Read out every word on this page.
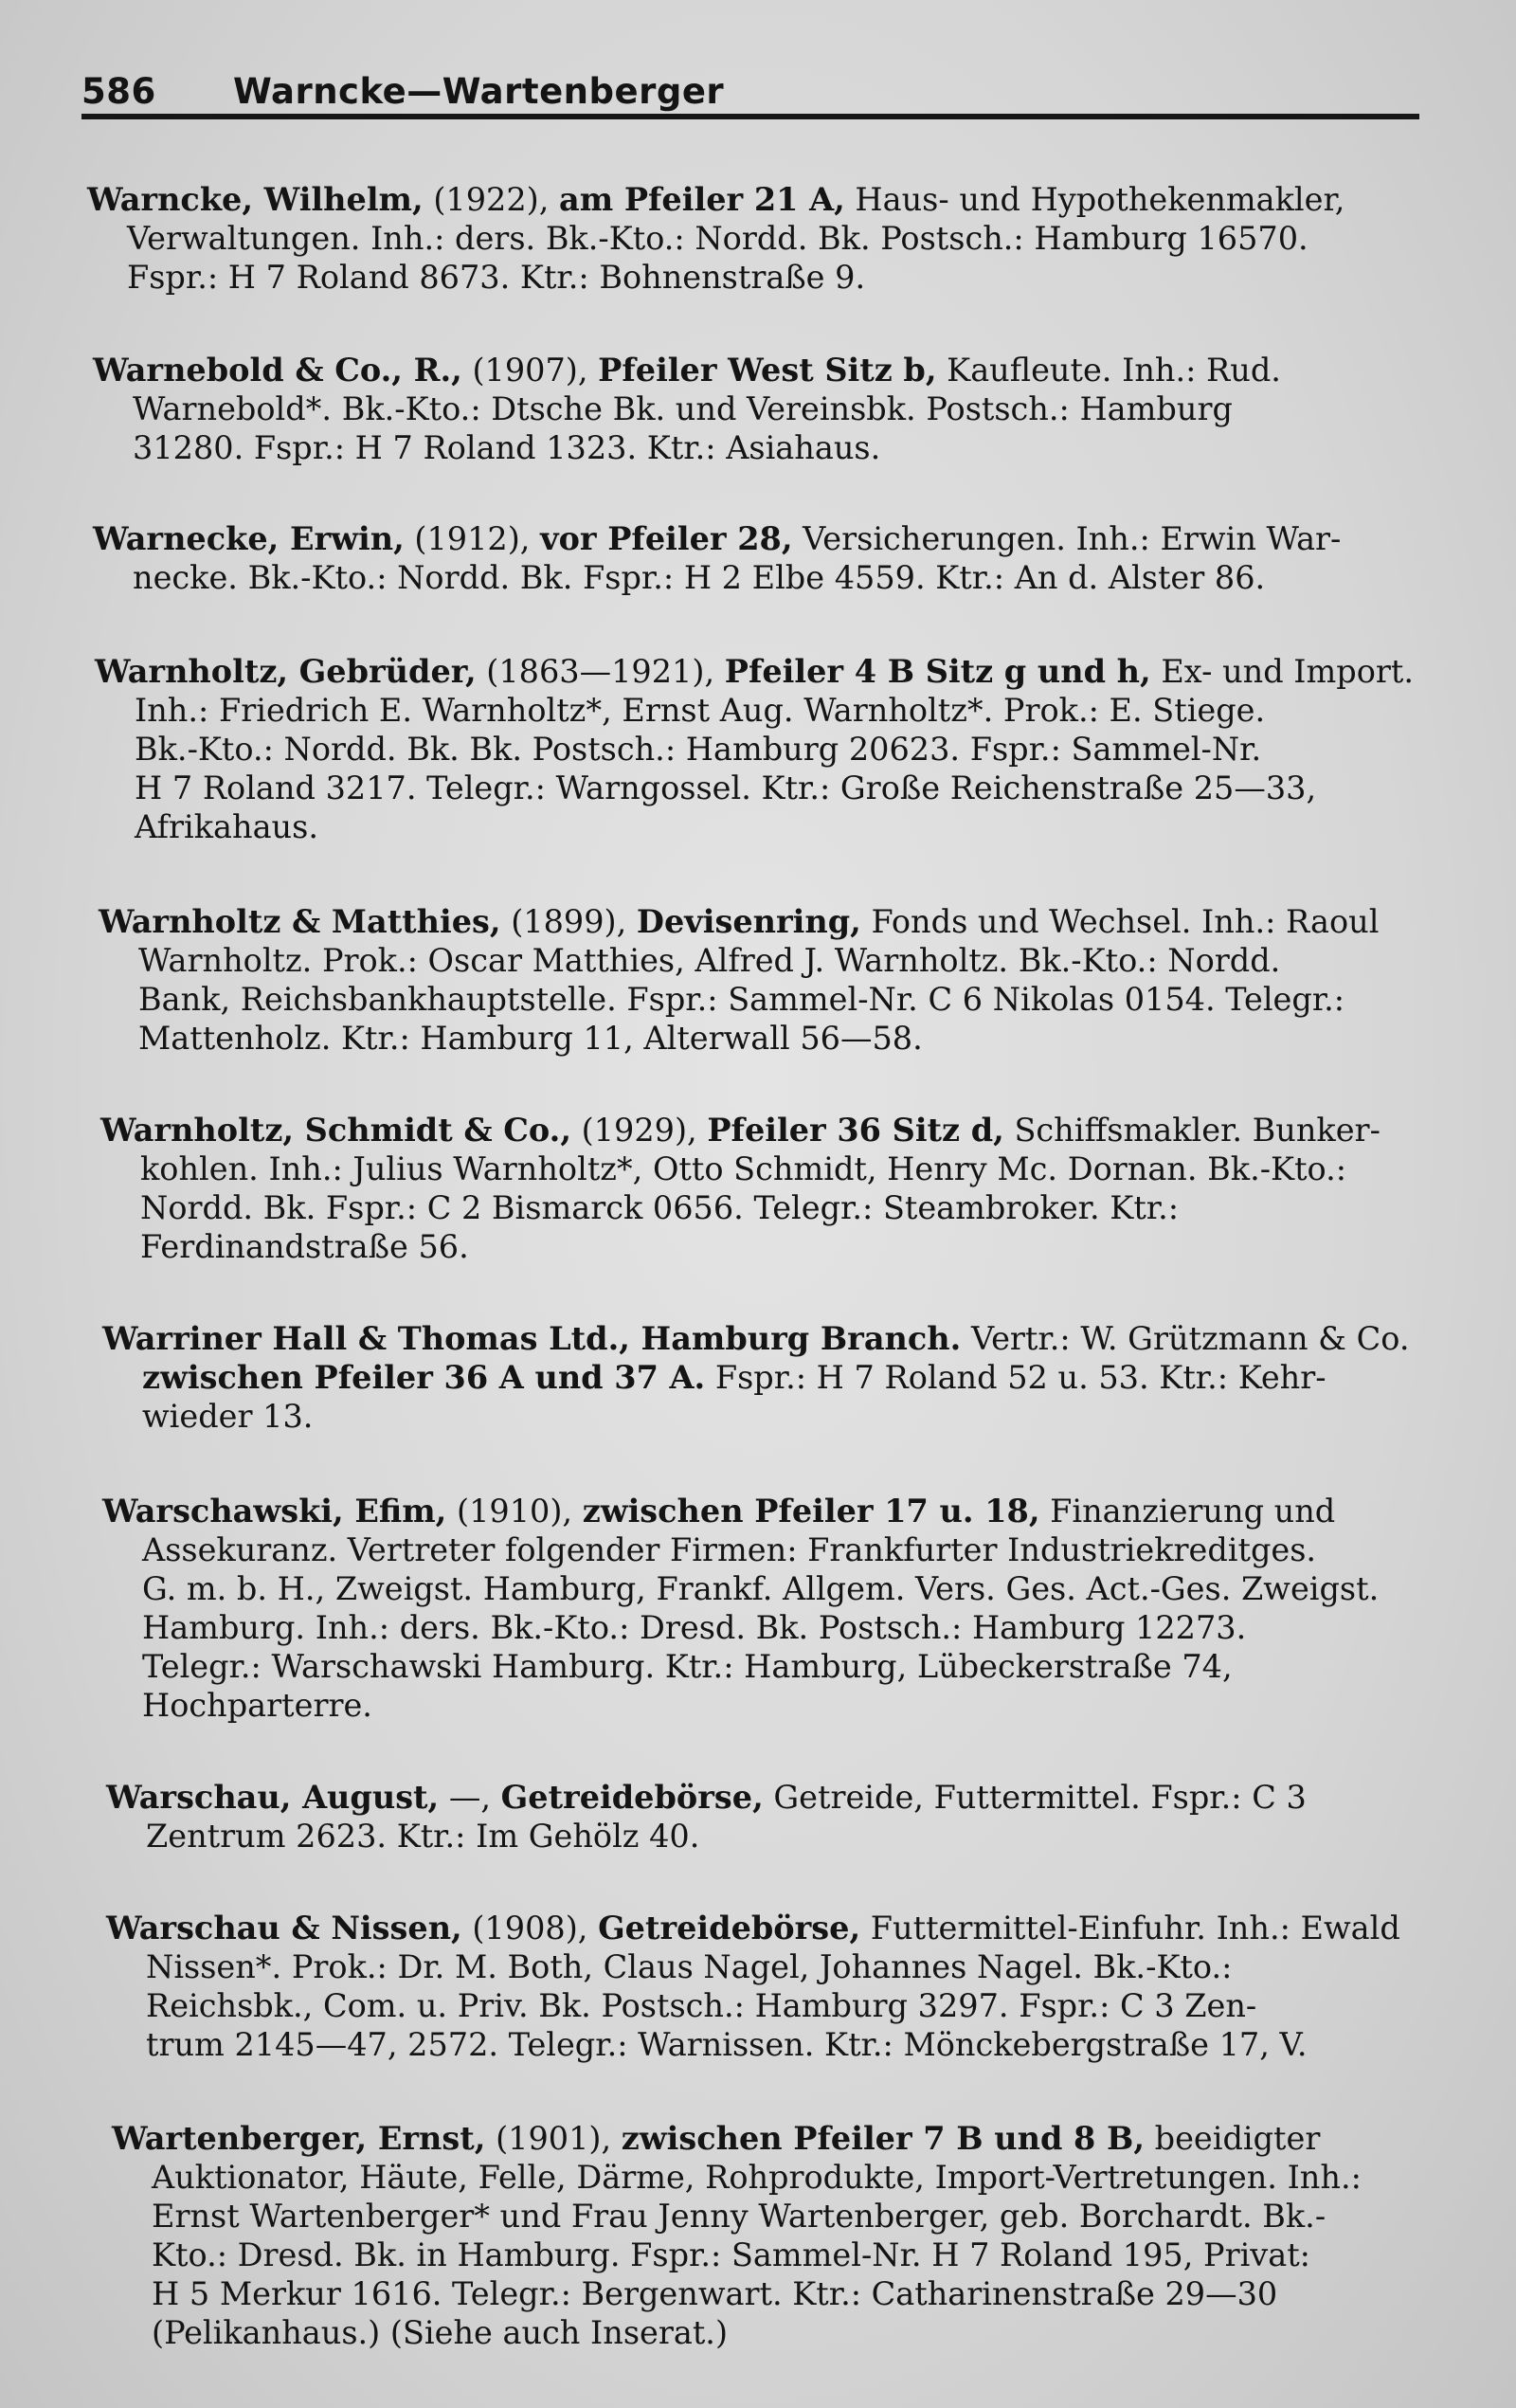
586	Warncke—Wartenberger
Warncke, Wilhelm, (1922), am Pfeiler 21 A, Haus- und Hypothekenmakler,
Verwaltungen. Inh.: ders. Bk.-Kto.: Nordd. Bk. Postsch.: Hamburg 16570.
Fspr.: H 7 Roland 8673. Ktr.: Bohnenstraße 9.
Warnebold & Co., R., (1907), Pfeiler West Sitz b, Kaufleute. Inh.: Rud.
Warnebold*. Bk.-Kto.: Dtsche Bk. und Vereinsbk. Postsch.: Hamburg
31280. Fspr.: H 7 Roland 1323. Ktr.: Asiahaus.
Warnecke, Erwin, (1912), vor Pfeiler 28, Versicherungen. Inh.: Erwin War-
necke. Bk.-Kto.: Nordd. Bk. Fspr.: H 2 Elbe 4559. Ktr.: An d. Alster 86.
Warnholtz, Gebrüder, (1863—1921), Pfeiler 4 B Sitz g und h, Ex- und Import.
Inh.: Friedrich E. Warnholtz*, Ernst Aug. Warnholtz*. Prok.: E. Stiege.
Bk.-Kto.: Nordd. Bk. Bk. Postsch.: Hamburg 20623. Fspr.: Sammel-Nr.
H 7 Roland 3217. Telegr.: Warngossel. Ktr.: Große Reichenstraße 25—33,
Afrikahaus.
Warnholtz & Matthies, (1899), Devisenring, Fonds und Wechsel. Inh.: Raoul
Warnholtz. Prok.: Oscar Matthies, Alfred J. Warnholtz. Bk.-Kto.: Nordd.
Bank, Reichsbankhauptstelle. Fspr.: Sammel-Nr. C 6 Nikolas 0154. Telegr.:
Mattenholz. Ktr.: Hamburg 11, Alterwall 56—58.
Warnholtz, Schmidt & Co., (1929), Pfeiler 36 Sitz d, Schiffsmakler. Bunker-
kohlen. Inh.: Julius Warnholtz*, Otto Schmidt, Henry Mc. Dornan. Bk.-Kto.:
Nordd. Bk. Fspr.: C 2 Bismarck 0656. Telegr.: Steambroker. Ktr.:
Ferdinandstraße 56.
Warriner Hall & Thomas Ltd., Hamburg Branch. Vertr.: W. Grützmann & Co.
zwischen Pfeiler 36 A und 37 A. Fspr.: H 7 Roland 52 u. 53. Ktr.: Kehr-
wieder 13.
Warschawski, Efim, (1910), zwischen Pfeiler 17 u. 18, Finanzierung und
Assekuranz. Vertreter folgender Firmen: Frankfurter Industriekreditges.
G. m. b. H., Zweigst. Hamburg, Frankf. Allgem. Vers. Ges. Act.-Ges. Zweigst.
Hamburg. Inh.: ders. Bk.-Kto.: Dresd. Bk. Postsch.: Hamburg 12273.
Telegr.: Warschawski Hamburg. Ktr.: Hamburg, Lübeckerstraße 74,
Hochparterre.
Warschau, August, —, Getreidebörse, Getreide, Futtermittel. Fspr.: C 3
Zentrum 2623. Ktr.: Im Gehölz 40.
Warschau & Nissen, (1908), Getreidebörse, Futtermittel-Einfuhr. Inh.: Ewald
Nissen*. Prok.: Dr. M. Both, Claus Nagel, Johannes Nagel. Bk.-Kto.:
Reichsbk., Com. u. Priv. Bk. Postsch.: Hamburg 3297. Fspr.: C 3 Zen-
trum 2145—47, 2572. Telegr.: Warnissen. Ktr.: Mönckebergstraße 17, V.
Wartenberger, Ernst, (1901), zwischen Pfeiler 7 B und 8 B, beeidigter
Auktionator, Häute, Felle, Därme, Rohprodukte, Import-Vertretungen. Inh.:
Ernst Wartenberger* und Frau Jenny Wartenberger, geb. Borchardt. Bk.-
Kto.: Dresd. Bk. in Hamburg. Fspr.: Sammel-Nr. H 7 Roland 195, Privat:
H 5 Merkur 1616. Telegr.: Bergenwart. Ktr.: Catharinenstraße 29—30
(Pelikanhaus.) (Siehe auch Inserat.)
